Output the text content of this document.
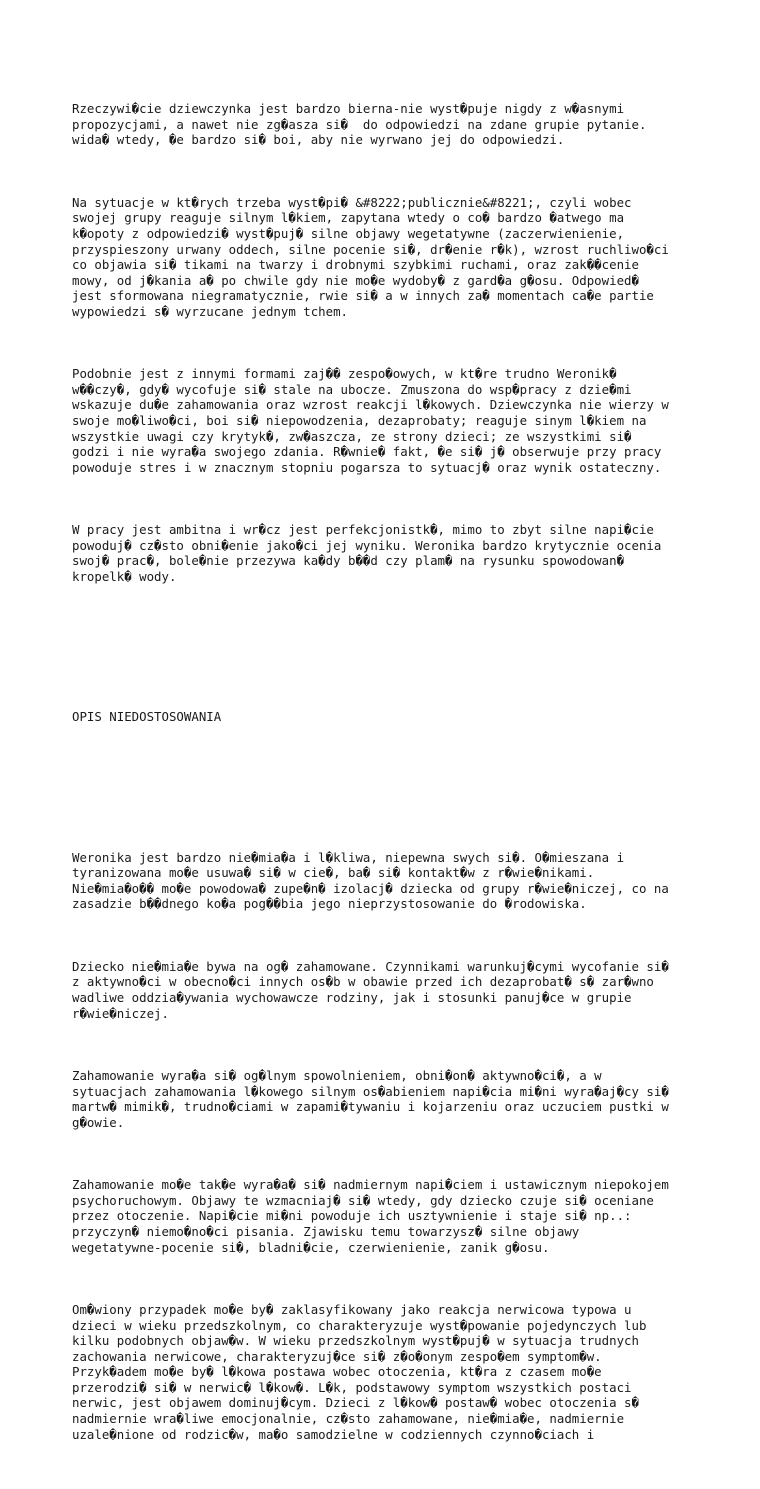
Rzeczywi�cie dziewczynka jest bardzo bierna-nie wyst�puje nigdy z w�asnymi
propozycjami, a nawet nie zg�asza si�  do odpowiedzi na zdane grupie pytanie.
wida� wtedy, �e bardzo si� boi, aby nie wyrwano jej do odpowiedzi.

Na sytuacje w kt�rych trzeba wyst�pi� &#8222;publicznie&#8221;, czyli wobec
swojej grupy reaguje silnym l�kiem, zapytana wtedy o co� bardzo �atwego ma
k�opoty z odpowiedzi� wyst�puj� silne objawy wegetatywne (zaczerwienienie,
przyspieszony urwany oddech, silne pocenie si�, dr�enie r�k), wzrost ruchliwo�ci
co objawia si� tikami na twarzy i drobnymi szybkimi ruchami, oraz zak��cenie
mowy, od j�kania a� po chwile gdy nie mo�e wydoby� z gard�a g�osu. Odpowied�
jest sformowana niegramatycznie, rwie si� a w innych za� momentach ca�e partie
wypowiedzi s� wyrzucane jednym tchem.

Podobnie jest z innymi formami zaj�� zespo�owych, w kt�re trudno Weronik�
w��czy�, gdy� wycofuje si� stale na ubocze. Zmuszona do wsp�pracy z dzie�mi
wskazuje du�e zahamowania oraz wzrost reakcji l�kowych. Dziewczynka nie wierzy w
swoje mo�liwo�ci, boi si� niepowodzenia, dezaprobaty; reaguje sinym l�kiem na
wszystkie uwagi czy krytyk�, zw�aszcza, ze strony dzieci; ze wszystkimi si�
godzi i nie wyra�a swojego zdania. R�wnie� fakt, �e si� j� obserwuje przy pracy
powoduje stres i w znacznym stopniu pogarsza to sytuacj� oraz wynik ostateczny.

W pracy jest ambitna i wr�cz jest perfekcjonistk�, mimo to zbyt silne napi�cie
powoduj� cz�sto obni�enie jako�ci jej wyniku. Weronika bardzo krytycznie ocenia
swoj� prac�, bole�nie przezywa ka�dy b��d czy plam� na rysunku spowodowan�
kropelk� wody.

OPIS NIEDOSTOSOWANIA

Weronika jest bardzo nie�mia�a i l�kliwa, niepewna swych si�. O�mieszana i
tyranizowana mo�e usuwa� si� w cie�, ba� si� kontakt�w z r�wie�nikami.
Nie�mia�o�� mo�e powodowa� zupe�n� izolacj� dziecka od grupy r�wie�niczej, co na
zasadzie b��dnego ko�a pog��bia jego nieprzystosowanie do �rodowiska.

Dziecko nie�mia�e bywa na og� zahamowane. Czynnikami warunkuj�cymi wycofanie si�
z aktywno�ci w obecno�ci innych os�b w obawie przed ich dezaprobat� s� zar�wno
wadliwe oddzia�ywania wychowawcze rodziny, jak i stosunki panuj�ce w grupie
r�wie�niczej.

Zahamowanie wyra�a si� og�lnym spowolnieniem, obni�on� aktywno�ci�, a w
sytuacjach zahamowania l�kowego silnym os�abieniem napi�cia mi�ni wyra�aj�cy si�
martw� mimik�, trudno�ciami w zapami�tywaniu i kojarzeniu oraz uczuciem pustki w
g�owie.

Zahamowanie mo�e tak�e wyra�a� si� nadmiernym napi�ciem i ustawicznym niepokojem
psychoruchowym. Objawy te wzmacniaj� si� wtedy, gdy dziecko czuje si� oceniane
przez otoczenie. Napi�cie mi�ni powoduje ich usztywnienie i staje si� np..:
przyczyn� niemo�no�ci pisania. Zjawisku temu towarzysz� silne objawy
wegetatywne-pocenie si�, bladni�cie, czerwienienie, zanik g�osu.

Om�wiony przypadek mo�e by� zaklasyfikowany jako reakcja nerwicowa typowa u
dzieci w wieku przedszkolnym, co charakteryzuje wyst�powanie pojedynczych lub
kilku podobnych objaw�w. W wieku przedszkolnym wyst�puj� w sytuacja trudnych
zachowania nerwicowe, charakteryzuj�ce si� z�o�onym zespo�em symptom�w.
Przyk�adem mo�e by� l�kowa postawa wobec otoczenia, kt�ra z czasem mo�e
przerodzi� si� w nerwic� l�kow�. L�k, podstawowy symptom wszystkich postaci
nerwic, jest objawem dominuj�cym. Dzieci z l�kow� postaw� wobec otoczenia s�
nadmiernie wra�liwe emocjonalnie, cz�sto zahamowane, nie�mia�e, nadmiernie
uzale�nione od rodzic�w, ma�o samodzielne w codziennych czynno�ciach i
